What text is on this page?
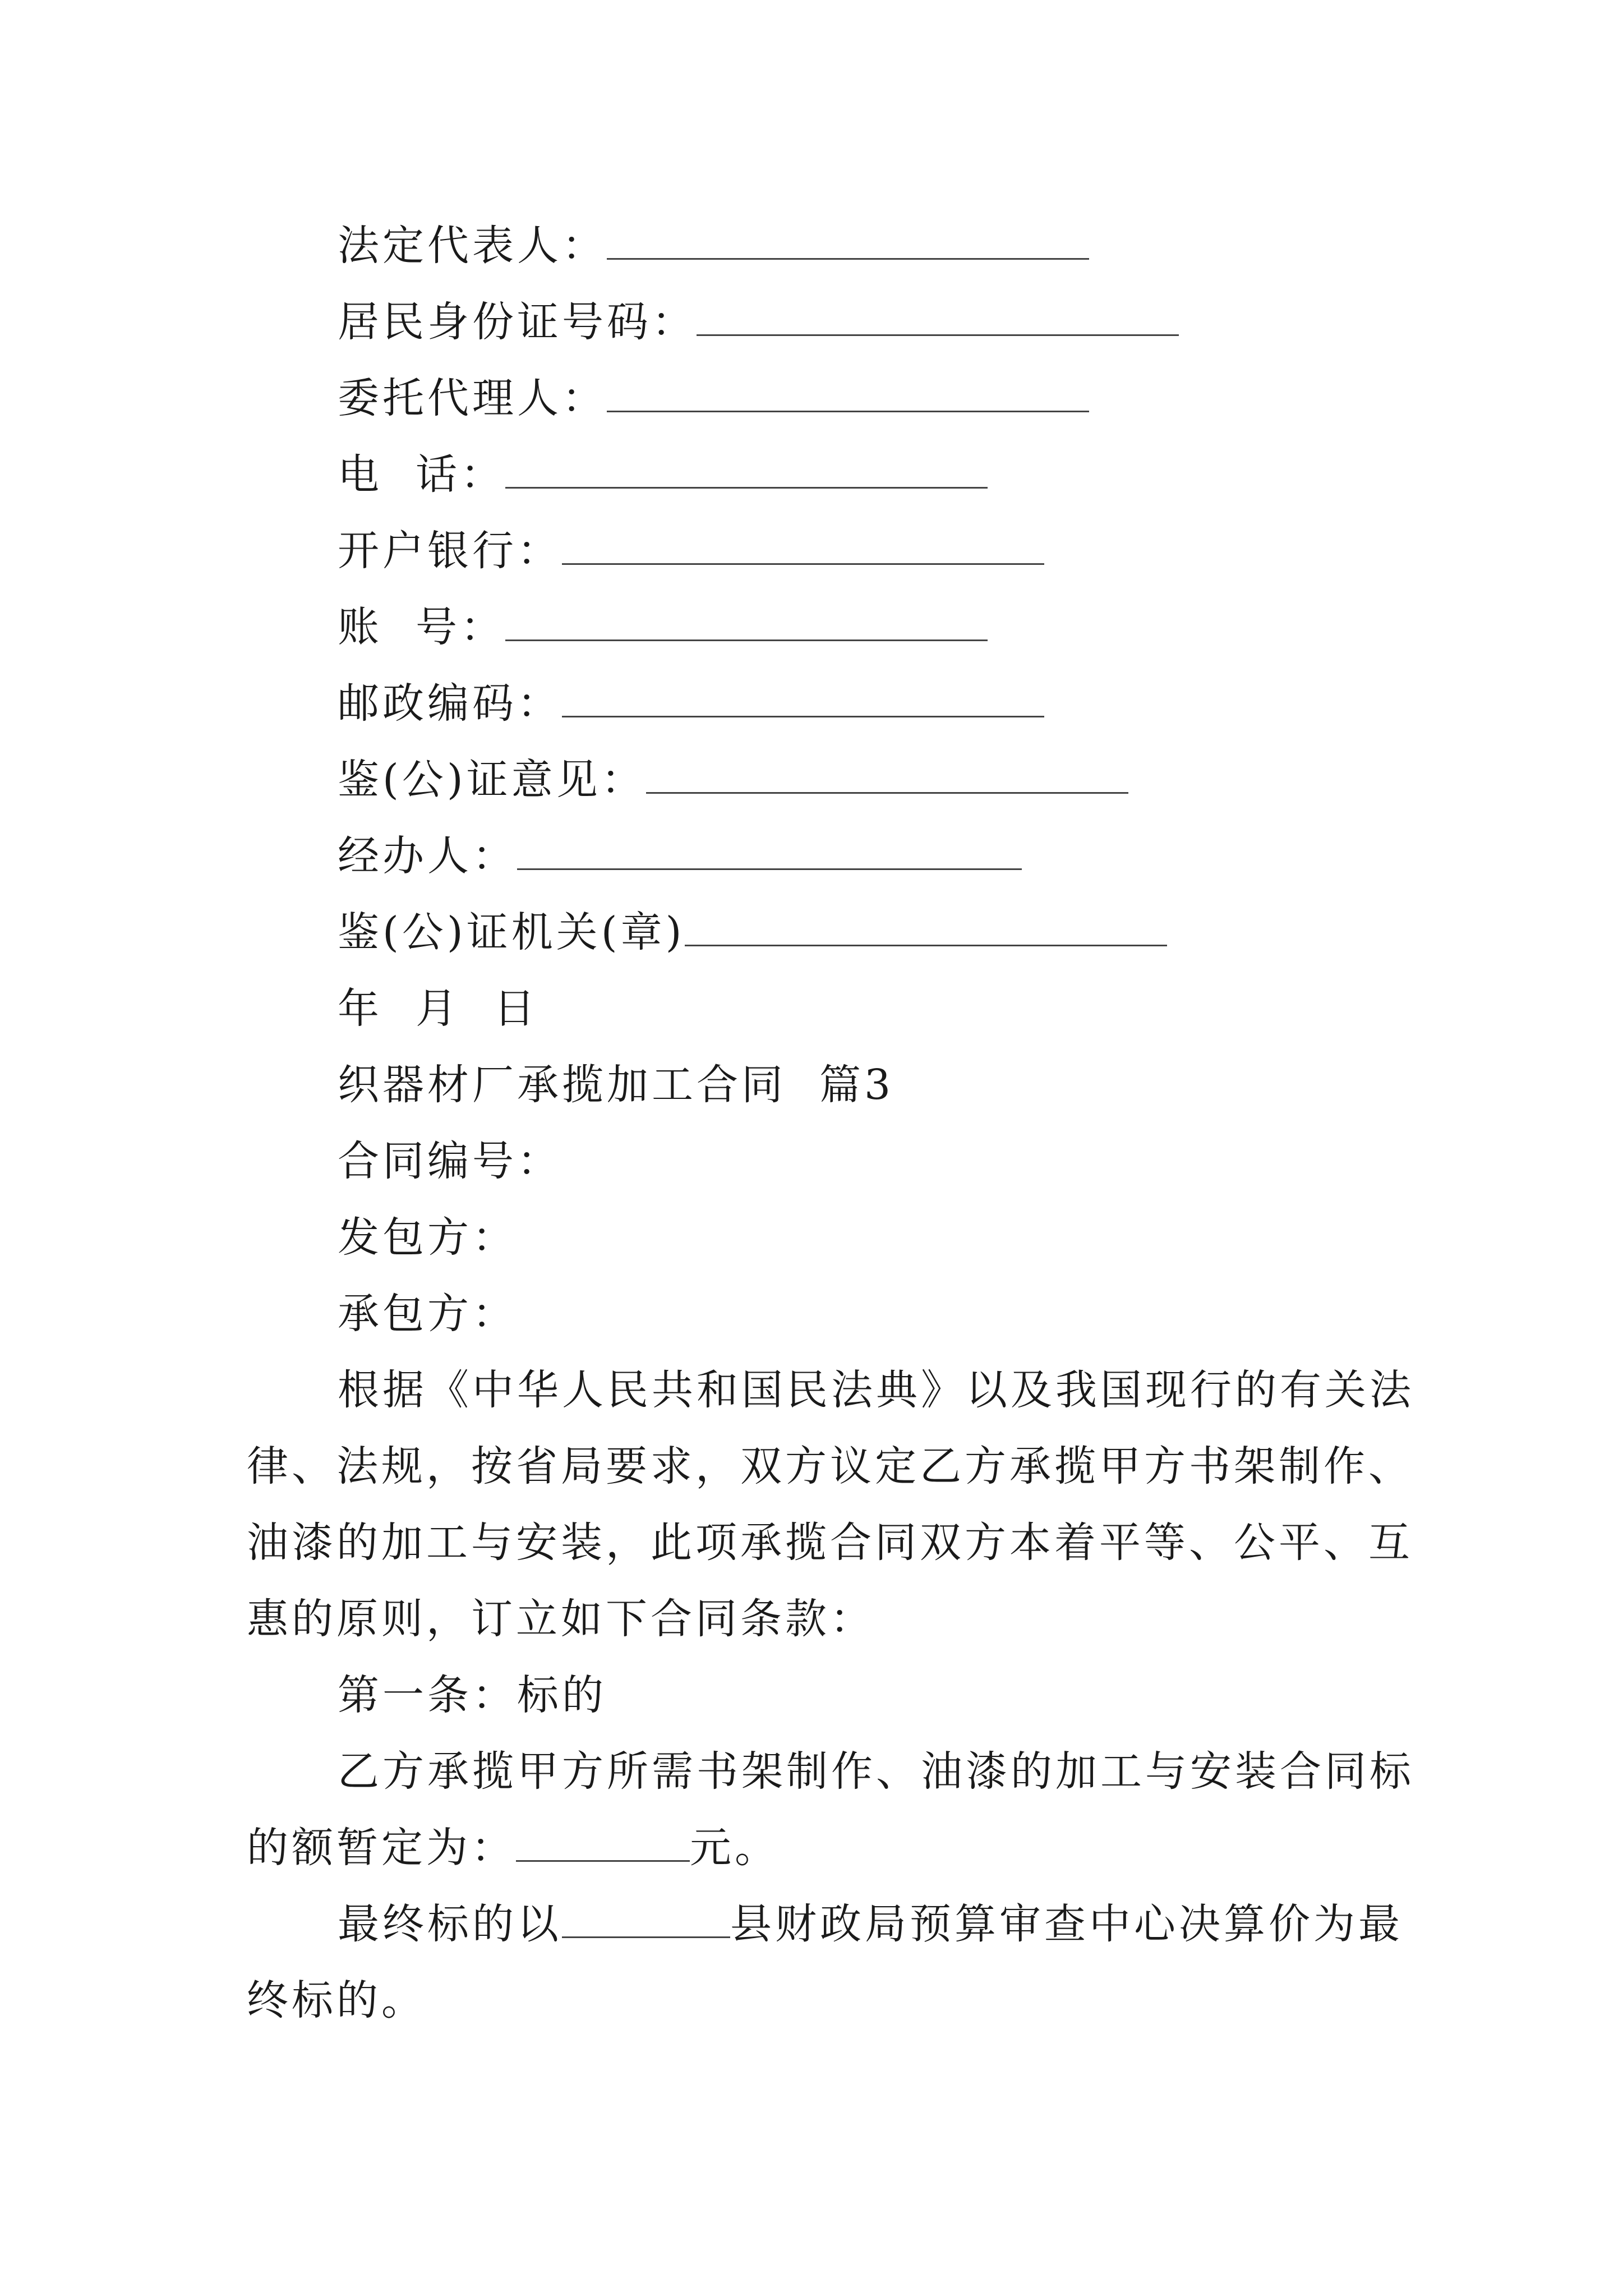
法定代表人：
居民身份证号码：
委托代理人：
电  话：
开户银行：
账  号：
邮政编码：
鉴(公)证意见：
经办人：
鉴(公)证机关(章)
年  月  日
织器材厂承揽加工合同  篇3
合同编号：
发包方：
承包方：
根据《中华人民共和国民法典》以及我国现行的有关法
律、法规，按省局要求，双方议定乙方承揽甲方书架制作、
油漆的加工与安装，此项承揽合同双方本着平等、公平、互
惠的原则，订立如下合同条款：
第一条：标的
乙方承揽甲方所需书架制作、油漆的加工与安装合同标
的额暂定为：	元。
最终标的以	县财政局预算审查中心决算价为最
终标的。
